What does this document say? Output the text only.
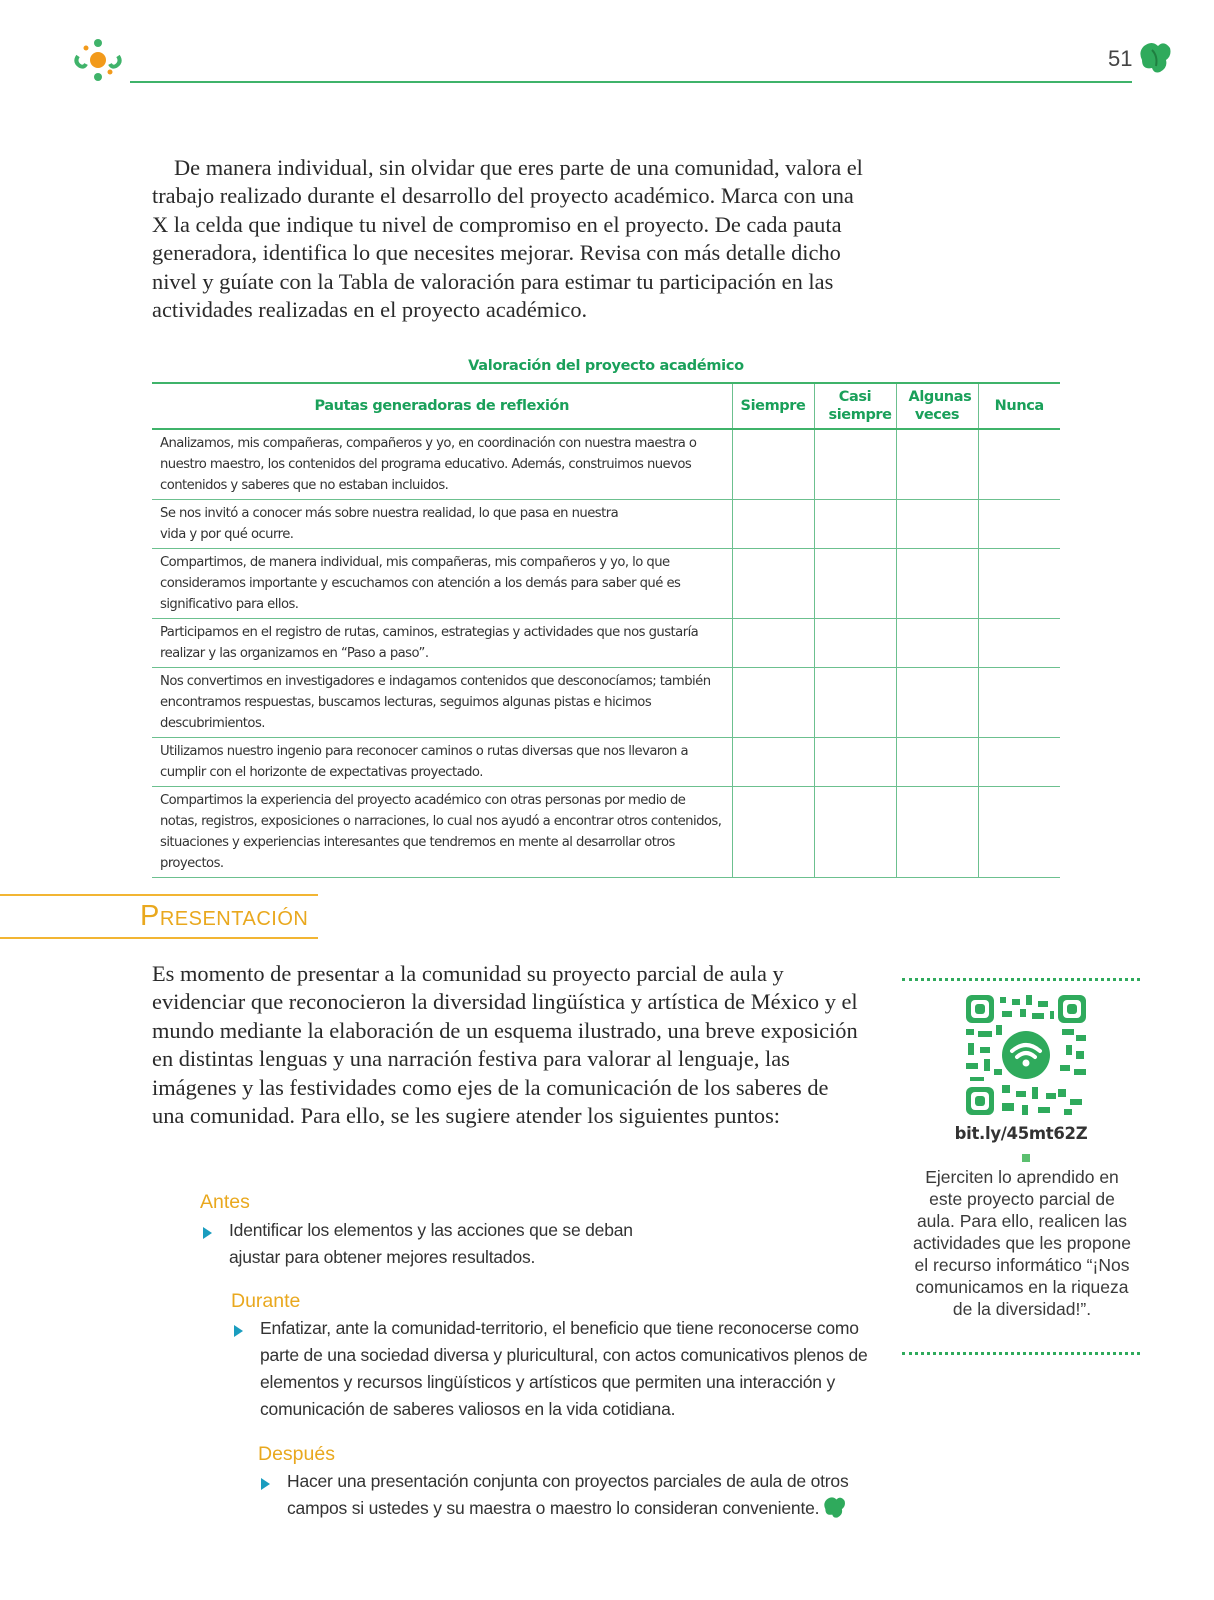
51

De manera individual, sin olvidar que eres parte de una comunidad, valora el trabajo realizado durante el desarrollo del proyecto académico. Marca con una X la celda que indique tu nivel de compromiso en el proyecto. De cada pauta generadora, identifica lo que necesites mejorar. Revisa con más detalle dicho nivel y guíate con la Tabla de valoración para estimar tu participación en las actividades realizadas en el proyecto académico.

Valoración del proyecto académico
Pautas generadoras de reflexión	Siempre	Casi siempre	Algunas veces	Nunca
Analizamos, mis compañeras, compañeros y yo, en coordinación con nuestra maestra o nuestro maestro, los contenidos del programa educativo. Además, construimos nuevos contenidos y saberes que no estaban incluidos.				
Se nos invitó a conocer más sobre nuestra realidad, lo que pasa en nuestra vida y por qué ocurre.				
Compartimos, de manera individual, mis compañeras, mis compañeros y yo, lo que consideramos importante y escuchamos con atención a los demás para saber qué es significativo para ellos.				
Participamos en el registro de rutas, caminos, estrategias y actividades que nos gustaría realizar y las organizamos en “Paso a paso”.				
Nos convertimos en investigadores e indagamos contenidos que desconocíamos; también encontramos respuestas, buscamos lecturas, seguimos algunas pistas e hicimos descubrimientos.				
Utilizamos nuestro ingenio para reconocer caminos o rutas diversas que nos llevaron a cumplir con el horizonte de expectativas proyectado.				
Compartimos la experiencia del proyecto académico con otras personas por medio de notas, registros, exposiciones o narraciones, lo cual nos ayudó a encontrar otros contenidos, situaciones y experiencias interesantes que tendremos en mente al desarrollar otros proyectos.				
Presentación

Es momento de presentar a la comunidad su proyecto parcial de aula y evidenciar que reconocieron la diversidad lingüística y artística de México y el mundo mediante la elaboración de un esquema ilustrado, una breve exposición en distintas lenguas y una narración festiva para valorar al lenguaje, las imágenes y las festividades como ejes de la comunicación de los saberes de una comunidad. Para ello, se les sugiere atender los siguientes puntos:

Antes
Identificar los elementos y las acciones que se deban ajustar para obtener mejores resultados.
Durante
Enfatizar, ante la comunidad-territorio, el beneficio que tiene reconocerse como parte de una sociedad diversa y pluricultural, con actos comunicativos plenos de elementos y recursos lingüísticos y artísticos que permiten una interacción y comunicación de saberes valiosos en la vida cotidiana.
Después
Hacer una presentación conjunta con proyectos parciales de aula de otros campos si ustedes y su maestra o maestro lo consideran conveniente.
bit.ly/45mt62Z
Ejerciten lo aprendido en este proyecto parcial de aula. Para ello, realicen las actividades que les propone el recurso informático “¡Nos comunicamos en la riqueza de la diversidad!”.
